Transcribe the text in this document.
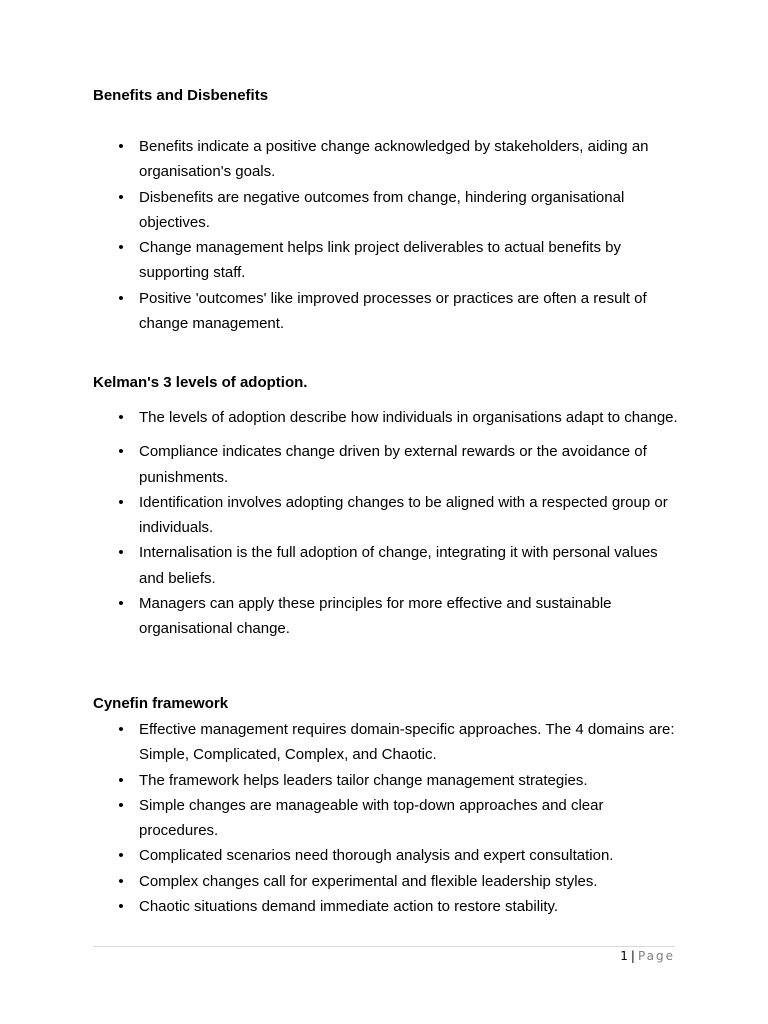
Benefits and Disbenefits
• Benefits indicate a positive change acknowledged by stakeholders, aiding an organisation's goals.
• Disbenefits are negative outcomes from change, hindering organisational objectives.
• Change management helps link project deliverables to actual benefits by supporting staff.
• Positive 'outcomes' like improved processes or practices are often a result of change management.
Kelman's 3 levels of adoption.
• The levels of adoption describe how individuals in organisations adapt to change.
• Compliance indicates change driven by external rewards or the avoidance of punishments.
• Identification involves adopting changes to be aligned with a respected group or individuals.
• Internalisation is the full adoption of change, integrating it with personal values and beliefs.
• Managers can apply these principles for more effective and sustainable organisational change.
Cynefin framework
• Effective management requires domain-specific approaches. The 4 domains are: Simple, Complicated, Complex, and Chaotic.
• The framework helps leaders tailor change management strategies.
• Simple changes are manageable with top-down approaches and clear procedures.
• Complicated scenarios need thorough analysis and expert consultation.
• Complex changes call for experimental and flexible leadership styles.
• Chaotic situations demand immediate action to restore stability.
1 | Page
